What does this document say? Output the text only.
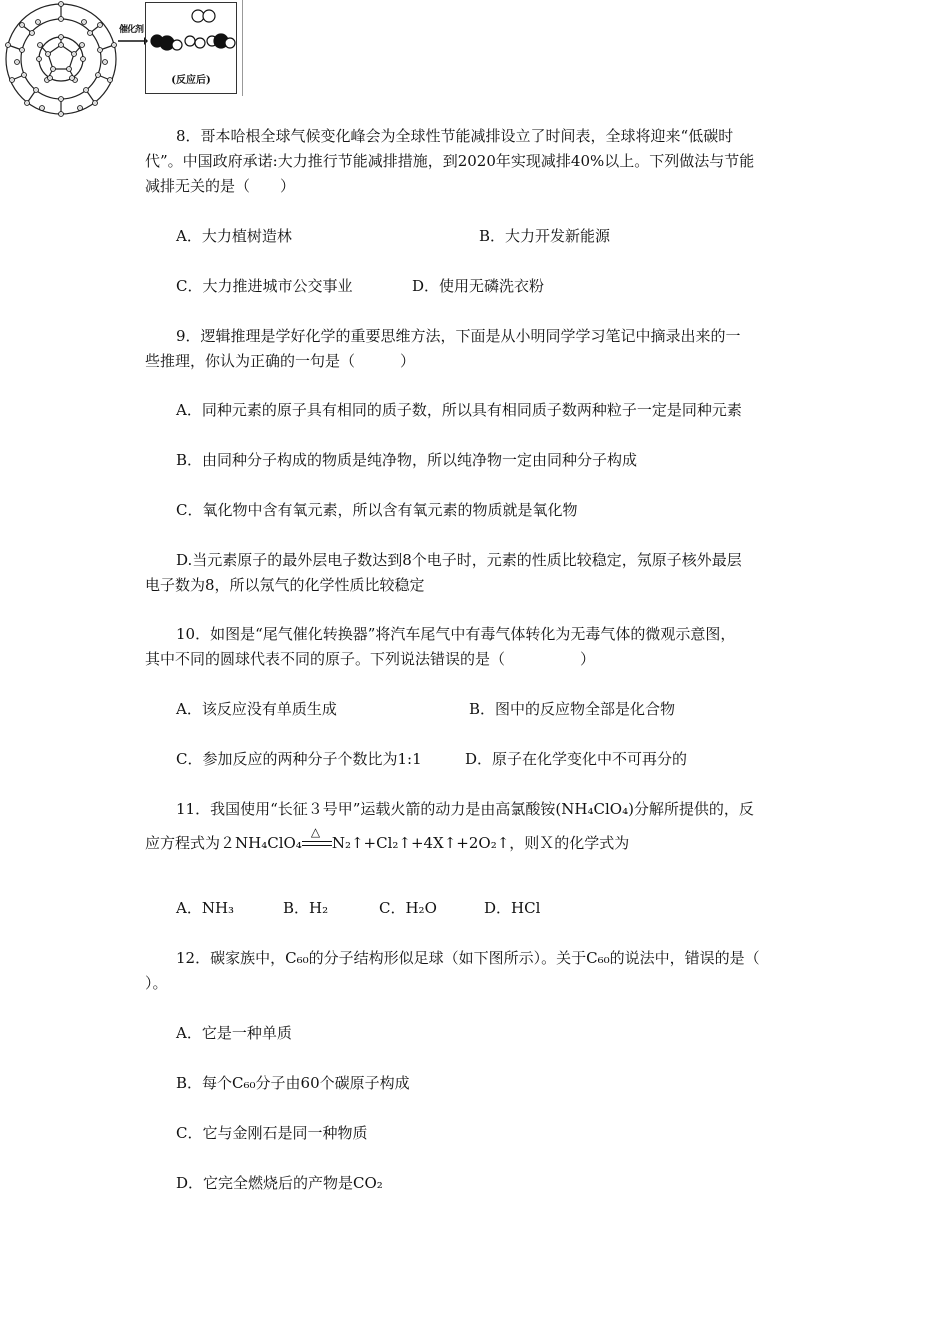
催化剂
(反应后)
8．哥本哈根全球气候变化峰会为全球性节能减排设立了时间表，全球将迎来“低碳时
代”。中国政府承诺:大力推行节能减排措施，到2020年实现减排40%以上。下列做法与节能
减排无关的是（　　）
A．大力植树造林	B．大力开发新能源
C．大力推进城市公交事业	D．使用无磷洗衣粉
9．逻辑推理是学好化学的重要思维方法，下面是从小明同学学习笔记中摘录出来的一
些推理，你认为正确的一句是（　　　）
A．同种元素的原子具有相同的质子数，所以具有相同质子数两种粒子一定是同种元素
B．由同种分子构成的物质是纯净物，所以纯净物一定由同种分子构成
C．氧化物中含有氧元素，所以含有氧元素的物质就是氧化物
D.当元素原子的最外层电子数达到8个电子时，元素的性质比较稳定，氖原子核外最层
电子数为8，所以氖气的化学性质比较稳定
10．如图是“尾气催化转换器”将汽车尾气中有毒气体转化为无毒气体的微观示意图，
其中不同的圆球代表不同的原子。下列说法错误的是（　　　　　）
A．该反应没有单质生成	B．图中的反应物全部是化合物
C．参加反应的两种分子个数比为1:1	D．原子在化学变化中不可再分的
11．我国使用“长征３号甲”运载火箭的动力是由高氯酸铵(NH₄ClO₄)分解所提供的，反
应方程式为２NH₄ClO₄
△
N₂↑+Cl₂↑+4X↑+2O₂↑，则Ｘ的化学式为
A．NH₃	B．H₂	C．H₂O	D．HCl
12．碳家族中，C₆₀的分子结构形似足球（如下图所示）。关于C₆₀的说法中，错误的是（
）。
A．它是一种单质
B．每个C₆₀分子由60个碳原子构成
C．它与金刚石是同一种物质
D．它完全燃烧后的产物是CO₂
